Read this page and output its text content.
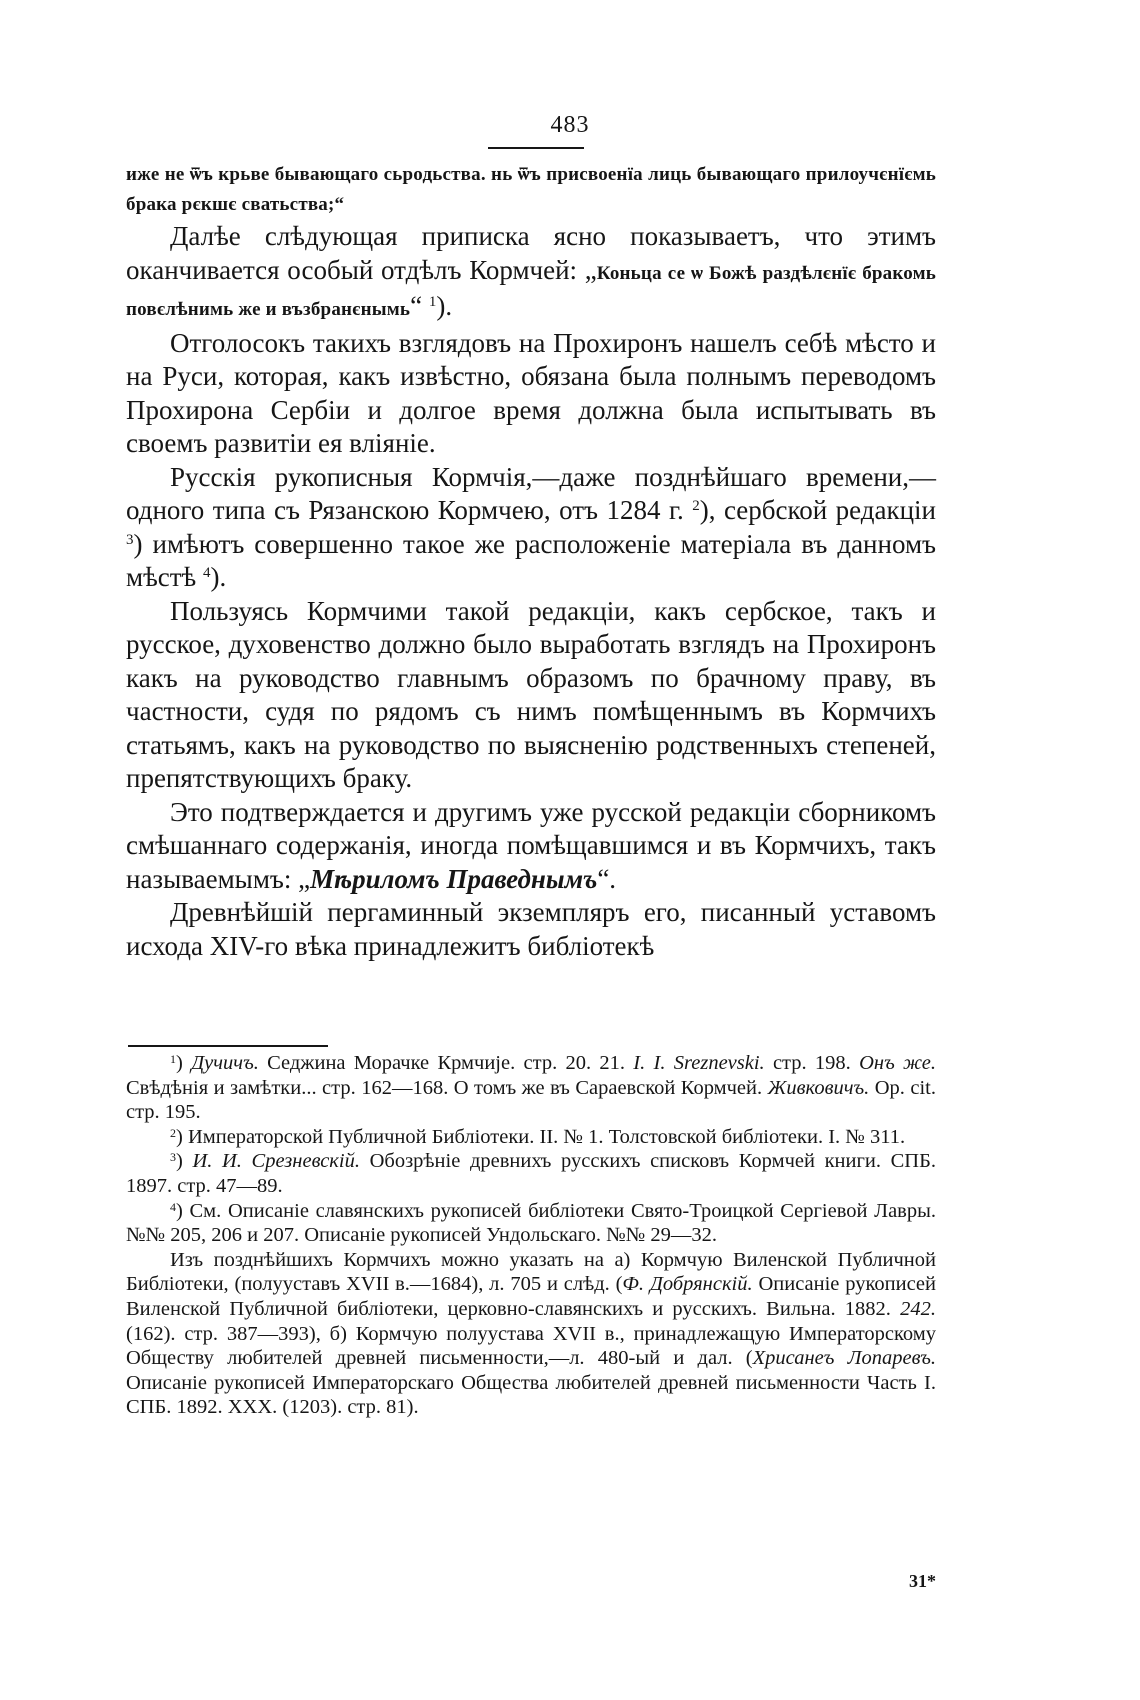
483

иже не ѿъ крьве бывающаго сьродьства. нь ѿъ присвоенїа лиць бывающаго прилоучєнїємь брака рєкшє сватьства;“

Далѣе слѣдующая приписка ясно показываетъ, что этимъ оканчивается особый отдѣлъ Кормчей: „Коньца се ѡ Божѣ раздѣлєнїє бракомь повєлѣнимь же и възбранєнымь“ $^1$).

Отголосокъ такихъ взглядовъ на Прохиронъ нашелъ себѣ мѣсто и на Руси, которая, какъ извѣстно, обязана была полнымъ переводомъ Прохирона Сербiи и долгое время должна была испытывать въ своемъ развитiи ея влiянiе.

Русскiя рукописныя Кормчiя,—даже позднѣйшаго времени,—одного типа съ Рязанскою Кормчею, отъ 1284 г. $^2$), сербской редакцiи $^3$) имѣютъ совершенно такое же расположенiе матерiала въ данномъ мѣстѣ $^4$).

Пользуясь Кормчими такой редакцiи, какъ сербское, такъ и русское, духовенство должно было выработать взглядъ на Прохиронъ какъ на руководство главнымъ образомъ по брачному праву, въ частности, судя по рядомъ съ нимъ помѣщеннымъ въ Кормчихъ статьямъ, какъ на руководство по выясненiю родственныхъ степеней, препятствующихъ браку.

Это подтверждается и другимъ уже русской редакцiи сборникомъ смѣшаннаго содержанiя, иногда помѣщавшимся и въ Кормчихъ, такъ называемымъ: „Мѣриломъ Праведнымъ“.

Древнѣйшiй пергаминный экземпляръ его, писанный уставомъ исхода XIV-го вѣка принадлежитъ библiотекѣ

$^1$) Дучичъ. Седжина Морачке Крмчиjе. стр. 20. 21. I. I. Sreznevski. стр. 198. Онъ же. Свѣдѣнiя и замѣтки... стр. 162—168. О томъ же въ Сараевской Кормчей. Живковичъ. Op. cit. стр. 195.

$^2$) Императорской Публичной Библiотеки. II. № 1. Толстовской библiотеки. I. № 311.

$^3$) И. И. Срезневскiй. Обозрѣнiе древнихъ русскихъ списковъ Кормчей книги. СПБ. 1897. стр. 47—89.

$^4$) См. Описанiе славянскихъ рукописей библiотеки Свято-Троицкой Сергiевой Лавры. №№ 205, 206 и 207. Описанiе рукописей Ундольскаго. №№ 29—32.

Изъ позднѣйшихъ Кормчихъ можно указать на а) Кормчую Виленской Публичной Библiотеки, (полууставъ XVII в.—1684), л. 705 и слѣд. (Ф. Добрянскiй. Описанiе рукописей Виленской Публичной библiотеки, церковно-славянскихъ и русскихъ. Вильна. 1882. 242. (162). стр. 387—393), б) Кормчую полуустава XVII в., принадлежащую Императорскому Обществу любителей древней письменности,—л. 480-ый и дал. (Хрисанеъ Лопаревъ. Описанiе рукописей Императорскаго Общества любителей древней письменности Часть I. СПБ. 1892. XXX. (1203). стр. 81).

31*
